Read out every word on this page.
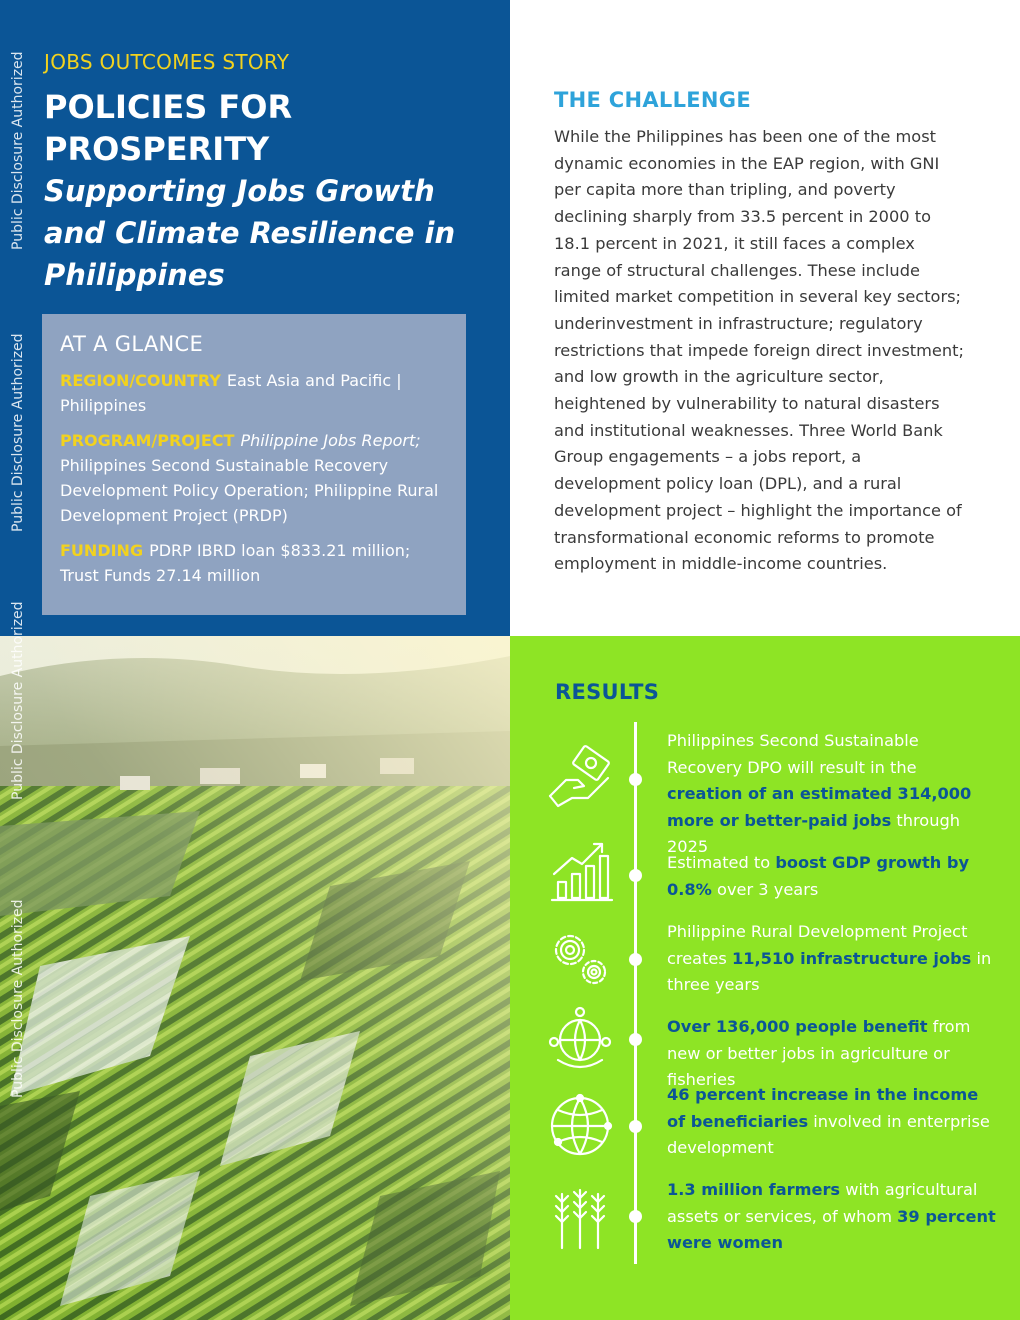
JOBS OUTCOMES STORY
POLICIES FOR PROSPERITY
Supporting Jobs Growth and Climate Resilience in Philippines
AT A GLANCE

REGION/COUNTRY East Asia and Pacific | Philippines

PROGRAM/PROJECT Philippine Jobs Report; Philippines Second Sustainable Recovery Development Policy Operation; Philippine Rural Development Project (PRDP)

FUNDING PDRP IBRD loan $833.21 million; Trust Funds 27.14 million

THE CHALLENGE
While the Philippines has been one of the most dynamic economies in the EAP region, with GNI per capita more than tripling, and poverty declining sharply from 33.5 percent in 2000 to 18.1 percent in 2021, it still faces a complex range of structural challenges. These include limited market competition in several key sectors; underinvestment in infrastructure; regulatory restrictions that impede foreign direct investment; and low growth in the agriculture sector, heightened by vulnerability to natural disasters and institutional weaknesses. Three World Bank Group engagements – a jobs report, a development policy loan (DPL), and a rural development project – highlight the importance of transformational economic reforms to promote employment in middle-income countries.
RESULTS
Philippines Second Sustainable Recovery DPO will result in the creation of an estimated 314,000 more or better-paid jobs through 2025
Estimated to boost GDP growth by 0.8% over 3 years
Philippine Rural Development Project creates 11,510 infrastructure jobs in three years
Over 136,000 people benefit from new or better jobs in agriculture or fisheries
46 percent increase in the income of beneficiaries involved in enterprise development
1.3 million farmers with agricultural assets or services, of whom 39 percent were women
Public Disclosure Authorized
Public Disclosure Authorized
Public Disclosure Authorized
Public Disclosure Authorized
